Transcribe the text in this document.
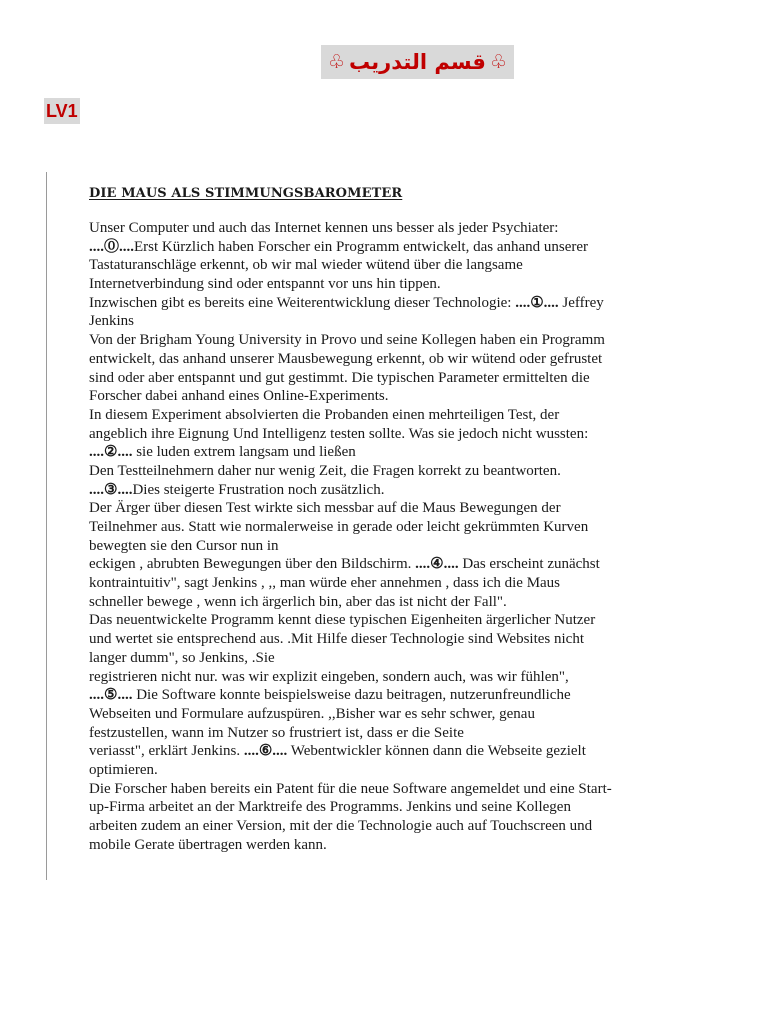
♧ قسم التدريب ♧
LV1
DIE MAUS ALS STIMMUNGSBAROMETER
Unser Computer und auch das Internet kennen uns besser als jeder Psychiater:
....⓪....Erst Kürzlich haben Forscher ein Programm entwickelt, das anhand unserer
Tastaturanschläge erkennt, ob wir mal wieder wütend über die langsame
Internetverbindung sind oder entspannt vor uns hin tippen.
Inzwischen gibt es bereits eine Weiterentwicklung dieser Technologie: ....①.... Jeffrey
Jenkins
Von der Brigham Young University in Provo und seine Kollegen haben ein Programm
entwickelt, das anhand unserer Mausbewegung erkennt, ob wir wütend oder gefrustet
sind oder aber entspannt und gut gestimmt. Die typischen Parameter ermittelten die
Forscher dabei anhand eines Online-Experiments.
In diesem Experiment absolvierten die Probanden einen mehrteiligen Test, der
angeblich ihre Eignung Und Intelligenz testen sollte. Was sie jedoch nicht wussten:
....②.... sie luden extrem langsam und ließen
Den Testteilnehmern daher nur wenig Zeit, die Fragen korrekt zu beantworten.
....③....Dies steigerte Frustration noch zusätzlich.
Der Ärger über diesen Test wirkte sich messbar auf die Maus Bewegungen der
Teilnehmer aus. Statt wie normalerweise in gerade oder leicht gekrümmten Kurven
bewegten sie den Cursor nun in
eckigen , abrubten Bewegungen über den Bildschirm. ....④.... Das erscheint zunächst
kontraintuitiv", sagt Jenkins , ,, man würde eher annehmen , dass ich die Maus
schneller bewege , wenn ich ärgerlich bin, aber das ist nicht der Fall".
Das neuentwickelte Programm kennt diese typischen Eigenheiten ärgerlicher Nutzer
und wertet sie entsprechend aus. .Mit Hilfe dieser Technologie sind Websites nicht
langer dumm", so Jenkins, .Sie
registrieren nicht nur. was wir explizit eingeben, sondern auch, was wir fühlen",
....⑤.... Die Software konnte beispielsweise dazu beitragen, nutzerunfreundliche
Webseiten und Formulare aufzuspüren. ,,Bisher war es sehr schwer, genau
festzustellen, wann im Nutzer so frustriert ist, dass er die Seite
veriasst", erklärt Jenkins. ....⑥.... Webentwickler können dann die Webseite gezielt
optimieren.
Die Forscher haben bereits ein Patent für die neue Software angemeldet und eine Start-
up-Firma arbeitet an der Marktreife des Programms. Jenkins und seine Kollegen
arbeiten zudem an einer Version, mit der die Technologie auch auf Touchscreen und
mobile Gerate übertragen werden kann.
